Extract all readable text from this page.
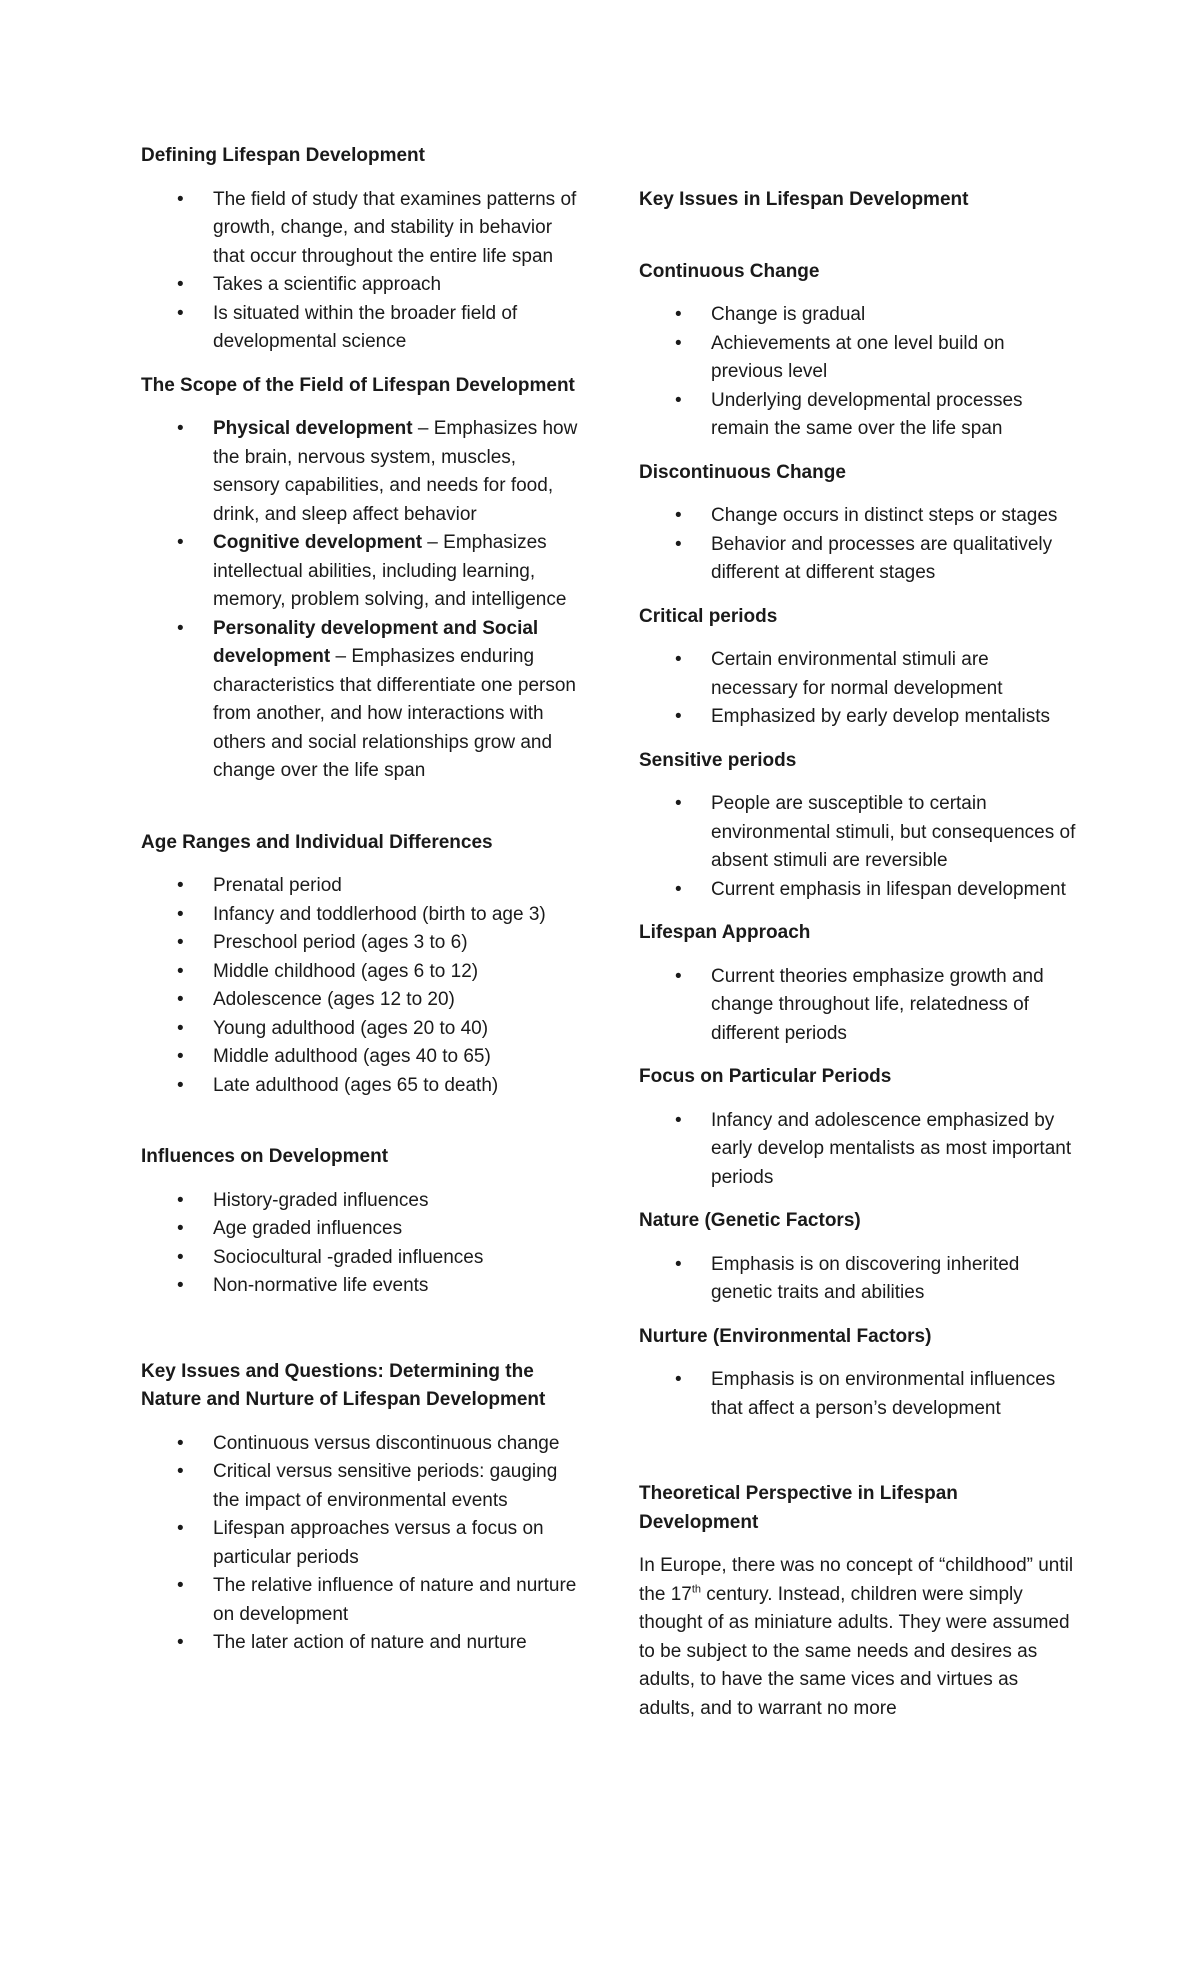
Defining Lifespan Development
• The field of study that examines patterns of growth, change, and stability in behavior that occur throughout the entire life span
• Takes a scientific approach
• Is situated within the broader field of developmental science
The Scope of the Field of Lifespan Development
• Physical development – Emphasizes how the brain, nervous system, muscles, sensory capabilities, and needs for food, drink, and sleep affect behavior
• Cognitive development – Emphasizes intellectual abilities, including learning, memory, problem solving, and intelligence
• Personality development and Social development – Emphasizes enduring characteristics that differentiate one person from another, and how interactions with others and social relationships grow and change over the life span
Age Ranges and Individual Differences
• Prenatal period
• Infancy and toddlerhood (birth to age 3)
• Preschool period (ages 3 to 6)
• Middle childhood (ages 6 to 12)
• Adolescence (ages 12 to 20)
• Young adulthood (ages 20 to 40)
• Middle adulthood (ages 40 to 65)
• Late adulthood (ages 65 to death)
Influences on Development
• History-graded influences
• Age graded influences
• Sociocultural -graded influences
• Non-normative life events
Key Issues and Questions: Determining the Nature and Nurture of Lifespan Development
• Continuous versus discontinuous change
• Critical versus sensitive periods: gauging the impact of environmental events
• Lifespan approaches versus a focus on particular periods
• The relative influence of nature and nurture on development
• The later action of nature and nurture
Key Issues in Lifespan Development
Continuous Change
• Change is gradual
• Achievements at one level build on previous level
• Underlying developmental processes remain the same over the life span
Discontinuous Change
• Change occurs in distinct steps or stages
• Behavior and processes are qualitatively different at different stages
Critical periods
• Certain environmental stimuli are necessary for normal development
• Emphasized by early develop mentalists
Sensitive periods
• People are susceptible to certain environmental stimuli, but consequences of absent stimuli are reversible
• Current emphasis in lifespan development
Lifespan Approach
• Current theories emphasize growth and change throughout life, relatedness of different periods
Focus on Particular Periods
• Infancy and adolescence emphasized by early develop mentalists as most important periods
Nature (Genetic Factors)
• Emphasis is on discovering inherited genetic traits and abilities
Nurture (Environmental Factors)
• Emphasis is on environmental influences that affect a person’s development
Theoretical Perspective in Lifespan Development

In Europe, there was no concept of “childhood” until the 17th century. Instead, children were simply thought of as miniature adults. They were assumed to be subject to the same needs and desires as adults, to have the same vices and virtues as adults, and to warrant no more
